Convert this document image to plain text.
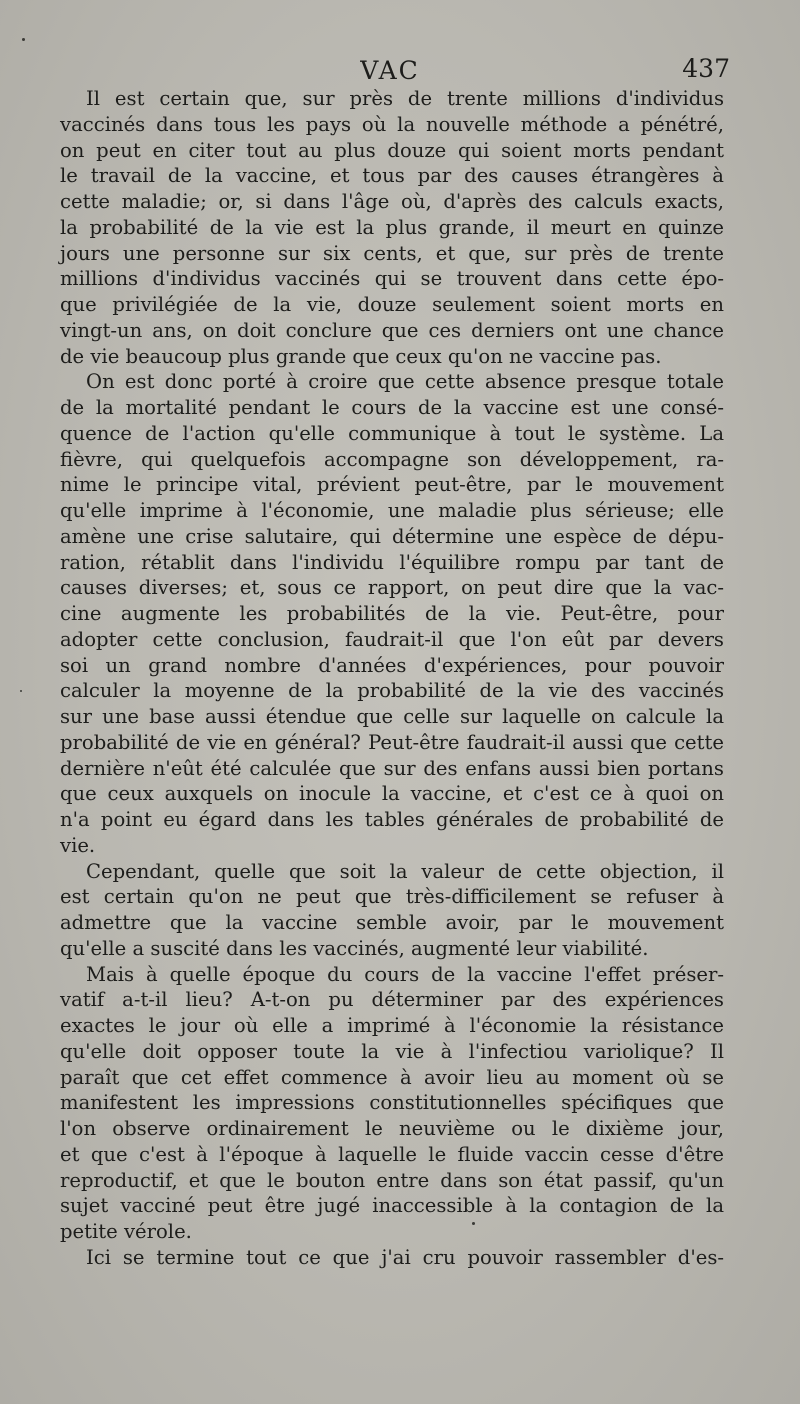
VAC	437
Il est certain que, sur près de trente millions d'individus
vaccinés dans tous les pays où la nouvelle méthode a pénétré,
on peut en citer tout au plus douze qui soient morts pendant
le travail de la vaccine, et tous par des causes étrangères à
cette maladie; or, si dans l'âge où, d'après des calculs exacts,
la probabilité de la vie est la plus grande, il meurt en quinze
jours une personne sur six cents, et que, sur près de trente
millions d'individus vaccinés qui se trouvent dans cette épo-
que privilégiée de la vie, douze seulement soient morts en
vingt-un ans, on doit conclure que ces derniers ont une chance
de vie beaucoup plus grande que ceux qu'on ne vaccine pas.
On est donc porté à croire que cette absence presque totale
de la mortalité pendant le cours de la vaccine est une consé-
quence de l'action qu'elle communique à tout le système. La
fièvre, qui quelquefois accompagne son développement, ra-
nime le principe vital, prévient peut-être, par le mouvement
qu'elle imprime à l'économie, une maladie plus sérieuse; elle
amène une crise salutaire, qui détermine une espèce de dépu-
ration, rétablit dans l'individu l'équilibre rompu par tant de
causes diverses; et, sous ce rapport, on peut dire que la vac-
cine augmente les probabilités de la vie. Peut-être, pour
adopter cette conclusion, faudrait-il que l'on eût par devers
soi un grand nombre d'années d'expériences, pour pouvoir
calculer la moyenne de la probabilité de la vie des vaccinés
sur une base aussi étendue que celle sur laquelle on calcule la
probabilité de vie en général? Peut-être faudrait-il aussi que cette
dernière n'eût été calculée que sur des enfans aussi bien portans
que ceux auxquels on inocule la vaccine, et c'est ce à quoi on
n'a point eu égard dans les tables générales de probabilité de
vie.
Cependant, quelle que soit la valeur de cette objection, il
est certain qu'on ne peut que très-difficilement se refuser à
admettre que la vaccine semble avoir, par le mouvement
qu'elle a suscité dans les vaccinés, augmenté leur viabilité.
Mais à quelle époque du cours de la vaccine l'effet préser-
vatif a-t-il lieu? A-t-on pu déterminer par des expériences
exactes le jour où elle a imprimé à l'économie la résistance
qu'elle doit opposer toute la vie à l'infectiou variolique? Il
paraît que cet effet commence à avoir lieu au moment où se
manifestent les impressions constitutionnelles spécifiques que
l'on observe ordinairement le neuvième ou le dixième jour,
et que c'est à l'époque à laquelle le fluide vaccin cesse d'être
reproductif, et que le bouton entre dans son état passif, qu'un
sujet vacciné peut être jugé inaccessible à la contagion de la
petite vérole.
Ici se termine tout ce que j'ai cru pouvoir rassembler d'es-
